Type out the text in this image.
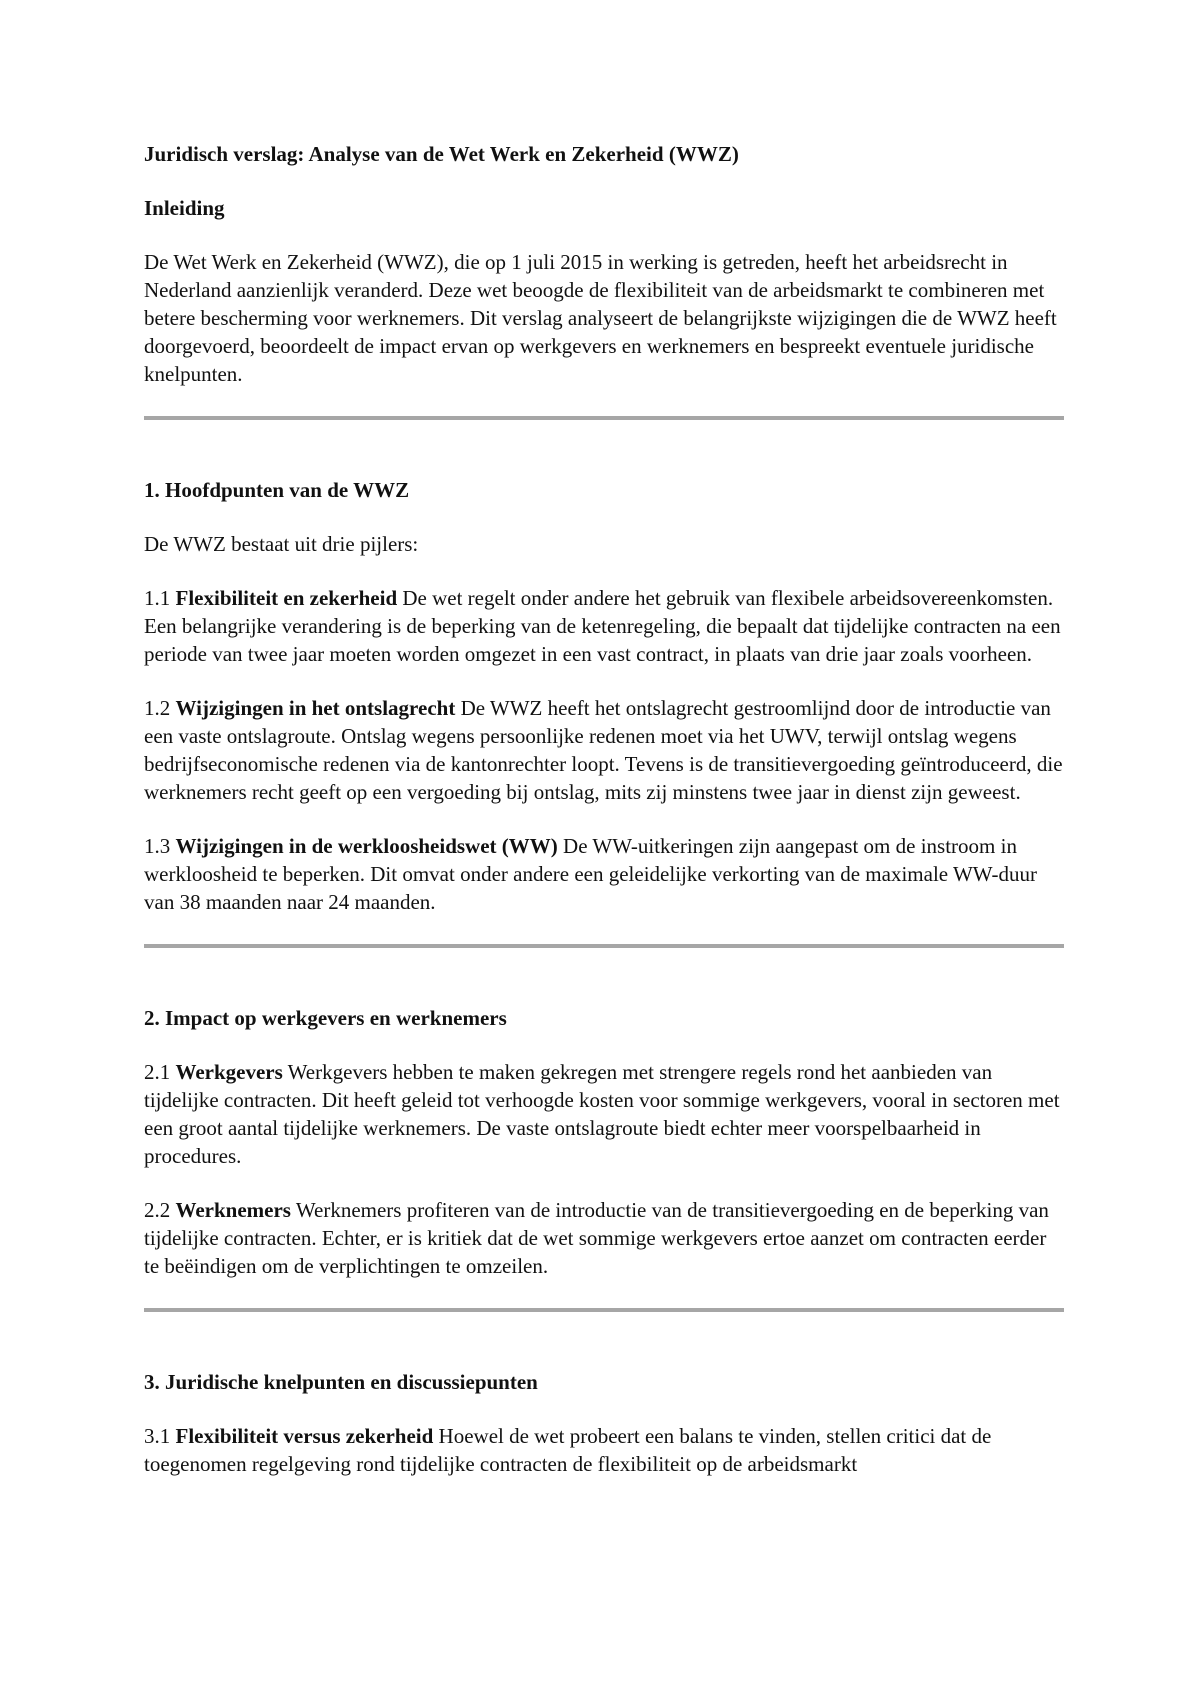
Juridisch verslag: Analyse van de Wet Werk en Zekerheid (WWZ)

Inleiding

De Wet Werk en Zekerheid (WWZ), die op 1 juli 2015 in werking is getreden, heeft het arbeidsrecht in Nederland aanzienlijk veranderd. Deze wet beoogde de flexibiliteit van de arbeidsmarkt te combineren met betere bescherming voor werknemers. Dit verslag analyseert de belangrijkste wijzigingen die de WWZ heeft doorgevoerd, beoordeelt de impact ervan op werkgevers en werknemers en bespreekt eventuele juridische knelpunten.

1. Hoofdpunten van de WWZ

De WWZ bestaat uit drie pijlers:

1.1 Flexibiliteit en zekerheid De wet regelt onder andere het gebruik van flexibele arbeidsovereenkomsten. Een belangrijke verandering is de beperking van de ketenregeling, die bepaalt dat tijdelijke contracten na een periode van twee jaar moeten worden omgezet in een vast contract, in plaats van drie jaar zoals voorheen.

1.2 Wijzigingen in het ontslagrecht De WWZ heeft het ontslagrecht gestroomlijnd door de introductie van een vaste ontslagroute. Ontslag wegens persoonlijke redenen moet via het UWV, terwijl ontslag wegens bedrijfseconomische redenen via de kantonrechter loopt. Tevens is de transitievergoeding geïntroduceerd, die werknemers recht geeft op een vergoeding bij ontslag, mits zij minstens twee jaar in dienst zijn geweest.

1.3 Wijzigingen in de werkloosheidswet (WW) De WW-uitkeringen zijn aangepast om de instroom in werkloosheid te beperken. Dit omvat onder andere een geleidelijke verkorting van de maximale WW-duur van 38 maanden naar 24 maanden.

2. Impact op werkgevers en werknemers

2.1 Werkgevers Werkgevers hebben te maken gekregen met strengere regels rond het aanbieden van tijdelijke contracten. Dit heeft geleid tot verhoogde kosten voor sommige werkgevers, vooral in sectoren met een groot aantal tijdelijke werknemers. De vaste ontslagroute biedt echter meer voorspelbaarheid in procedures.

2.2 Werknemers Werknemers profiteren van de introductie van de transitievergoeding en de beperking van tijdelijke contracten. Echter, er is kritiek dat de wet sommige werkgevers ertoe aanzet om contracten eerder te beëindigen om de verplichtingen te omzeilen.

3. Juridische knelpunten en discussiepunten

3.1 Flexibiliteit versus zekerheid Hoewel de wet probeert een balans te vinden, stellen critici dat de toegenomen regelgeving rond tijdelijke contracten de flexibiliteit op de arbeidsmarkt
